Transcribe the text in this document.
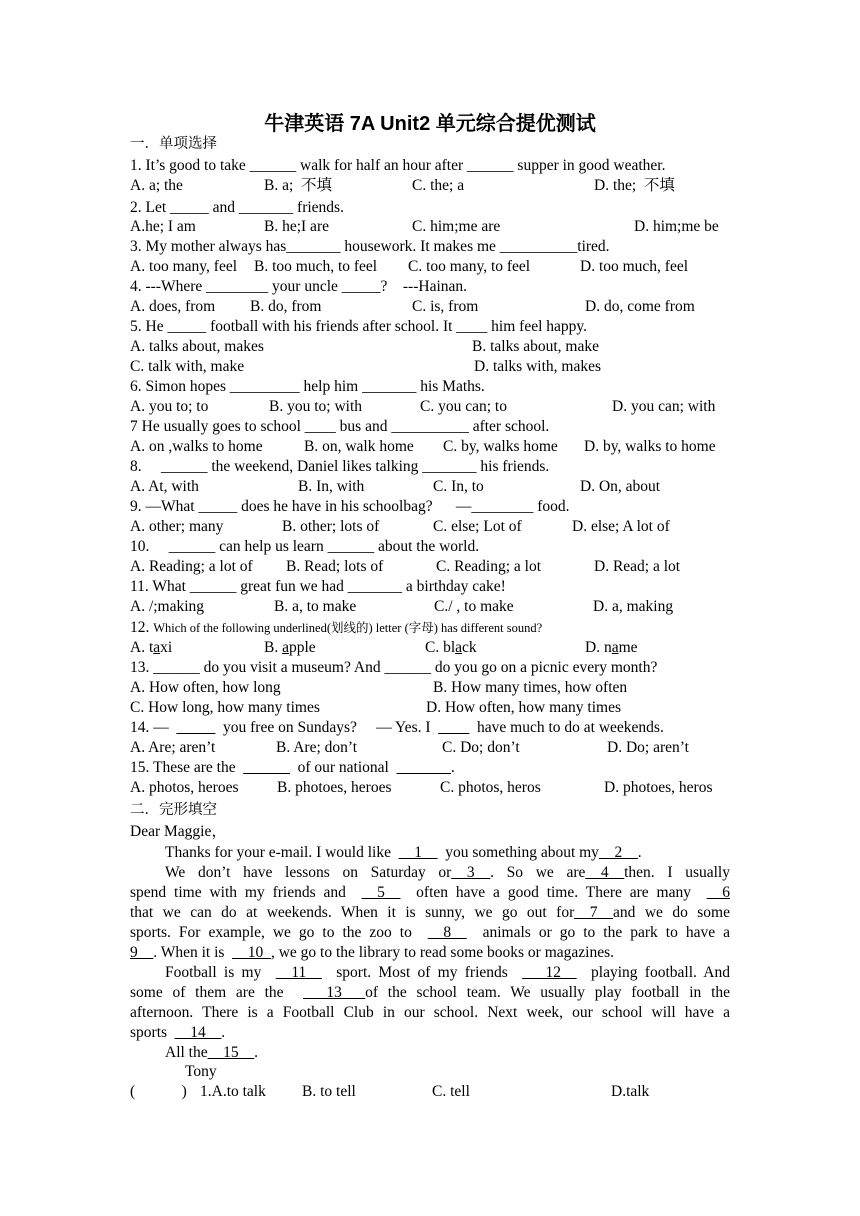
牛津英语 7A Unit2 单元综合提优测试
一．单项选择
1. It’s good to take ______ walk for half an hour after ______ supper in good weather.
A. a; the	B. a;  不填	C. the; a	D. the;  不填
2. Let _____ and _______ friends.
A.he; I am	B. he;I are	C. him;me are	D. him;me be
3. My mother always has_______ housework. It makes me __________tired.
A. too many, feel B. too much, to feel C. too many, to feel	D. too much, feel
4. ---Where ________ your uncle _____?    ---Hainan.
A. does, from B. do, from	C. is, from	D. do, come from
5. He _____ football with his friends after school. It ____ him feel happy.
A. talks about, makes	B. talks about, make
C. talk with, make	D. talks with, makes
6. Simon hopes _________ help him _______ his Maths.
A. you to; to	B. you to; with	C. you can; to	D. you can; with
7 He usually goes to school ____ bus and __________ after school.
A. on ,walks to home	B. on, walk home C. by, walks home D. by, walks to home
8.     ______ the weekend, Daniel likes talking _______ his friends.
A. At, with	B. In, with	C. In, to	D. On, about
9. —What _____ does he have in his schoolbag?      —________ food.
A. other; many	B. other; lots of	C. else; Lot of	D. else; A lot of
10.     ______ can help us learn ______ about the world.
A. Reading; a lot of B. Read; lots of	C. Reading; a lot	D. Read; a lot
11. What ______ great fun we had _______ a birthday cake!
A. /;making	B. a, to make	C./ , to make	D. a, making
12. Which of the following underlined(划线的) letter (字母) has different sound?
A. taxi	B. apple	C. black	D. name
13. ______ do you visit a museum? And ______ do you go on a picnic every month?
A. How often, how long	B. How many times, how often
C. How long, how many times	D. How often, how many times
14. —  _____  you free on Sundays?     — Yes. I  ____  have much to do at weekends.
A. Are; aren’t	B. Are; don’t	C. Do; don’t	D. Do; aren’t
15. These are the  ______  of our national  _______.
A. photos, heroes B. photoes, heroes	C. photos, heros	D. photoes, heros
二．完形填空
Dear Maggie，
Thanks for your e-mail. I would like  __1__  you something about my__2__.
We don’t have lessons on Saturday or__3__. So we are__4__then. I usually
spend time with my friends and  __5__  often have a good time. There are many  __6
that we can do at weekends. When it is sunny, we go out for__7__and we do some
sports. For example, we go to the zoo to  __8__  animals or go to the park to have a
9__. When it is  __10_, we go to the library to read some books or magazines.
Football is my  __11__  sport. Most of my friends  ___12__  playing football. And
some of them are the  ___13___of the school team. We usually play football in the
afternoon. There is a Football Club in our school. Next week, our school will have a
sports  __14__.
All the__15__.
Tony
(            ) 1.A.to talk B. to tell	C. tell	D.talk
